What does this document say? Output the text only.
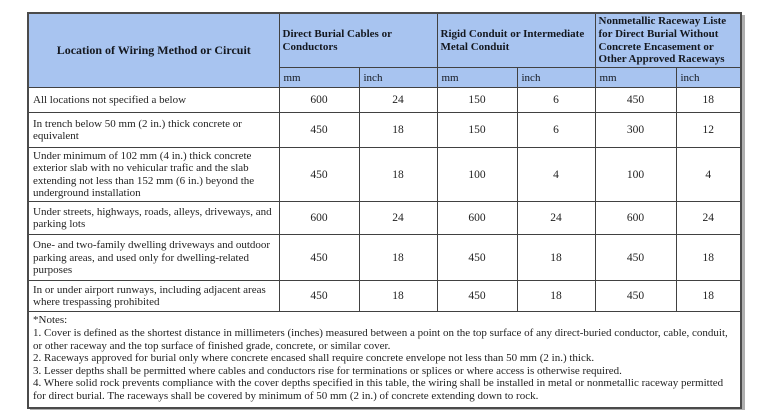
Location of Wiring Method or Circuit	Direct Burial Cables or Conductors		Rigid Conduit or Intermediate Metal Conduit		Nonmetallic Raceway Liste for Direct Burial Without Concrete Encasement or Other Approved Raceways	
	mm	inch	mm	inch	mm	inch
All locations not specified a below	600	24	150	6	450	18
In trench below 50 mm (2 in.) thick concrete or equivalent	450	18	150	6	300	12
Under minimum of 102 mm (4 in.) thick concrete exterior slab with no vehicular trafic and the slab extending not less than 152 mm (6 in.) beyond the underground installation	450	18	100	4	100	4
Under streets, highways, roads, alleys, driveways, and parking lots	600	24	600	24	600	24
One- and two-family dwelling driveways and outdoor parking areas, and used only for dwelling-related purposes	450	18	450	18	450	18
In or under airport runways, including adjacent areas where trespassing prohibited	450	18	450	18	450	18

*Notes:
1. Cover is defined as the shortest distance in millimeters (inches) measured between a point on the top surface of any direct-buried conductor, cable, conduit, or other raceway and the top surface of finished grade, concrete, or similar cover.
2. Raceways approved for burial only where concrete encased shall require concrete envelope not less than 50 mm (2 in.) thick.
3. Lesser depths shall be permitted where cables and conductors rise for terminations or splices or where access is otherwise required.
4. Where solid rock prevents compliance with the cover depths specified in this table, the wiring shall be installed in metal or nonmetallic raceway permitted for direct burial. The raceways shall be covered by minimum of 50 mm (2 in.) of concrete extending down to rock.						
